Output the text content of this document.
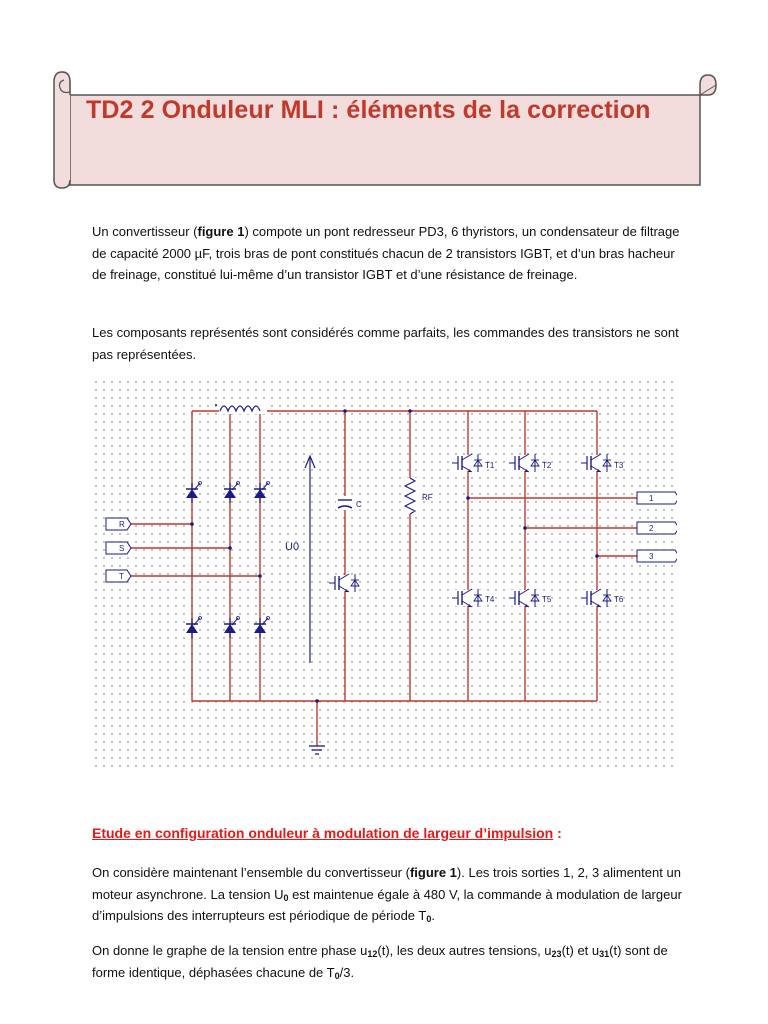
TD2 2 Onduleur MLI : éléments de la correction

Un convertisseur (figure 1) compote un pont redresseur PD3, 6 thyristors, un condensateur de filtrage de capacité 2000 µF, trois bras de pont constitués chacun de 2 transistors IGBT, et d’un bras hacheur de freinage, constitué lui-même d’un transistor IGBT et d’une résistance de freinage.

Les composants représentés sont considérés comme parfaits, les commandes des transistors ne sont pas représentées.

U0
C
RF
T1	T2	T3
T4	T5	T6
R
S
T
1
2
3
Etude en configuration onduleur à modulation de largeur d’impulsion :

On considère maintenant l’ensemble du convertisseur (figure 1). Les trois sorties 1, 2, 3 alimentent un moteur asynchrone. La tension $U_0$ est maintenue égale à 480 V, la commande à modulation de largeur d’impulsions des interrupteurs est périodique de période $T_0$.

On donne le graphe de la tension entre phase $u_{12}(t)$, les deux autres tensions, $u_{23}(t)$ et $u_{31}(t)$ sont de forme identique, déphasées chacune de $T_0/3$.
